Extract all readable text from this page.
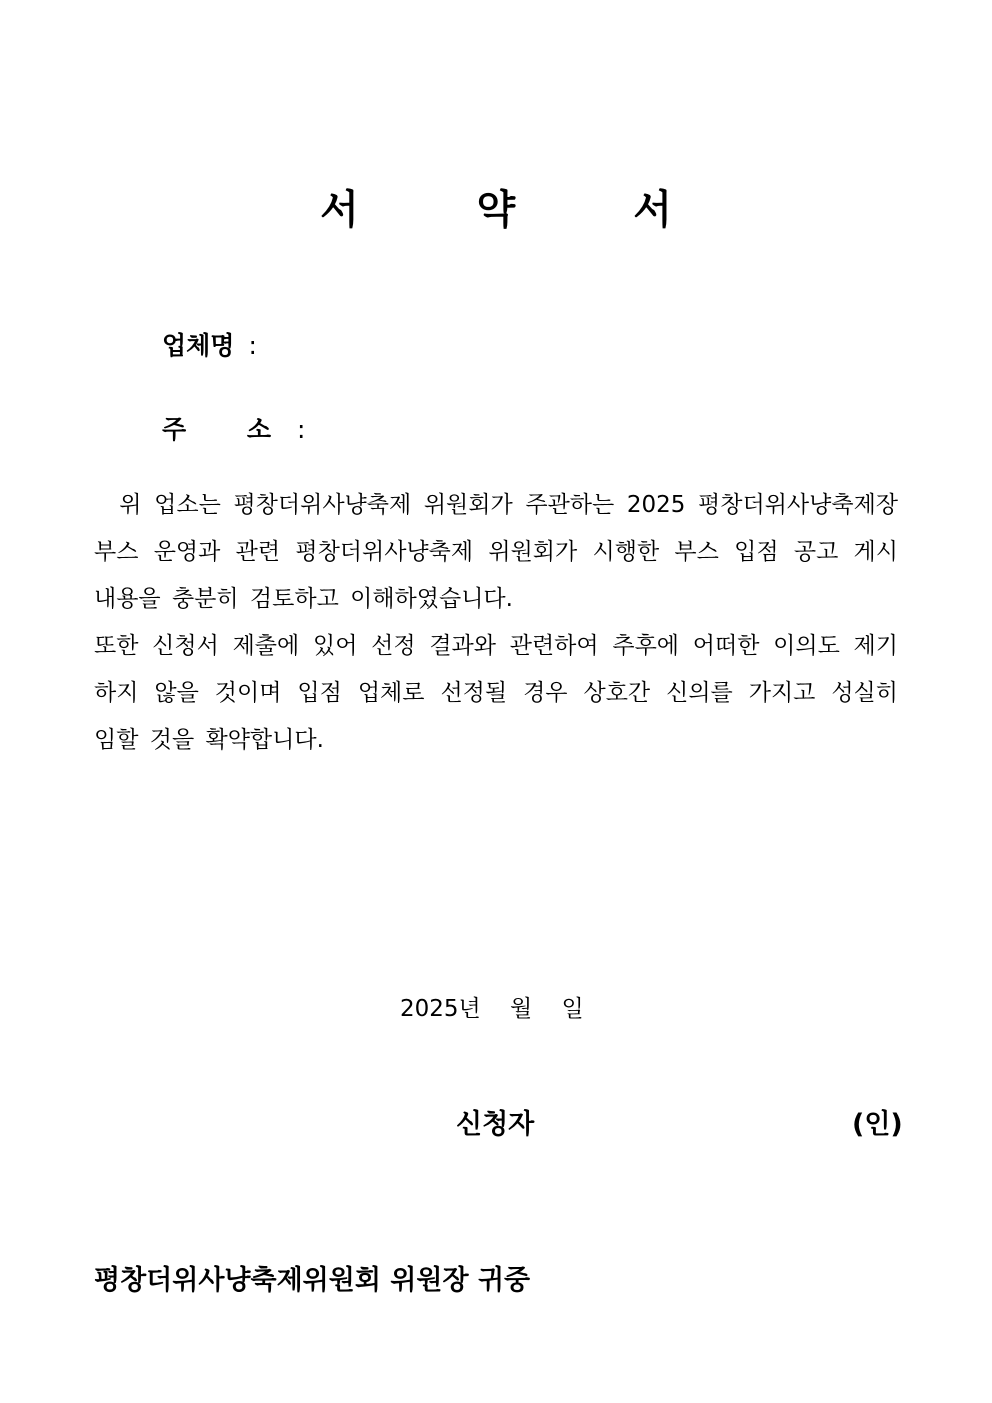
서 약 서
업체명 :
주 소:
위 업소는 평창더위사냥축제 위원회가 주관하는 2025 평창더위사냥축제장
부스 운영과 관련 평창더위사냥축제 위원회가 시행한 부스 입점 공고 게시
내용을 충분히 검토하고 이해하였습니다.
또한 신청서 제출에 있어 선정 결과와 관련하여 추후에 어떠한 이의도 제기
하지 않을 것이며 입점 업체로 선정될 경우 상호간 신의를 가지고 성실히
임할 것을 확약합니다.
2025년    월    일
신청자	(인)
평창더위사냥축제위원회 위원장 귀중
